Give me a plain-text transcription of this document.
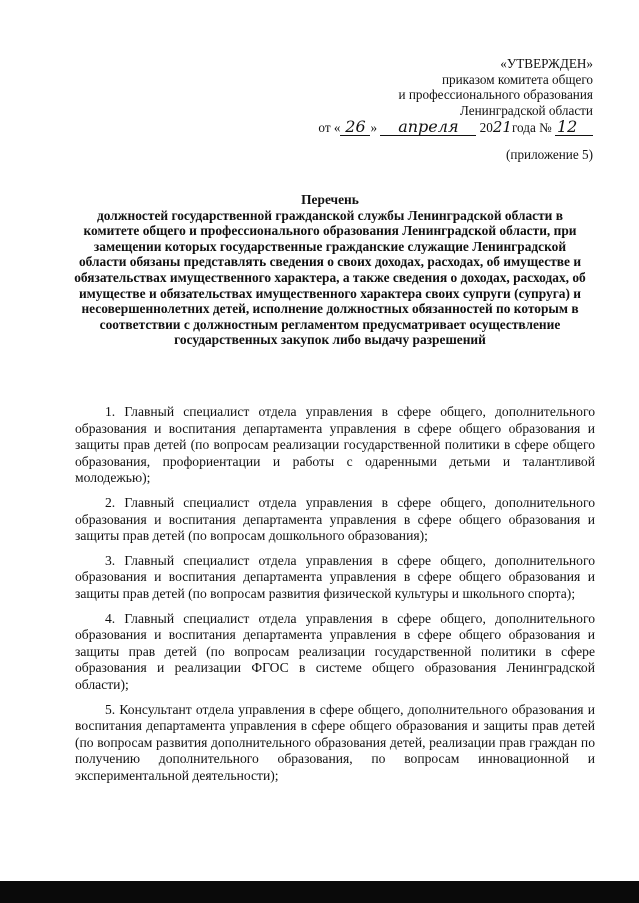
«УТВЕРЖДЕН»
приказом комитета общего
и профессионального образования
Ленинградской области
от « 26 » апреля 2021года № 12
(приложение 5)
Перечень
должностей государственной гражданской службы Ленинградской области в комитете общего и профессионального образования Ленинградской области, при замещении которых государственные гражданские служащие Ленинградской области обязаны представлять сведения о своих доходах, расходах, об имуществе и обязательствах имущественного характера, а также сведения о доходах, расходах, об имуществе и обязательствах имущественного характера своих супруги (супруга) и несовершеннолетних детей, исполнение должностных обязанностей по которым в соответствии с должностным регламентом предусматривает осуществление государственных закупок либо выдачу разрешений

1. Главный специалист отдела управления в сфере общего, дополнительного образования и воспитания департамента управления в сфере общего образования и защиты прав детей (по вопросам реализации государственной политики в сфере общего образования, профориентации и работы с одаренными детьми и талантливой молодежью);

2. Главный специалист отдела управления в сфере общего, дополнительного образования и воспитания департамента управления в сфере общего образования и защиты прав детей (по вопросам дошкольного образования);

3. Главный специалист отдела управления в сфере общего, дополнительного образования и воспитания департамента управления в сфере общего образования и защиты прав детей (по вопросам развития физической культуры и школьного спорта);

4. Главный специалист отдела управления в сфере общего, дополнительного образования и воспитания департамента управления в сфере общего образования и защиты прав детей (по вопросам реализации государственной политики в сфере образования и реализации ФГОС в системе общего образования Ленинградской области);

5. Консультант отдела управления в сфере общего, дополнительного образования и воспитания департамента управления в сфере общего образования и защиты прав детей (по вопросам развития дополнительного образования детей, реализации прав граждан по получению дополнительного образования, по вопросам инновационной и экспериментальной деятельности);
